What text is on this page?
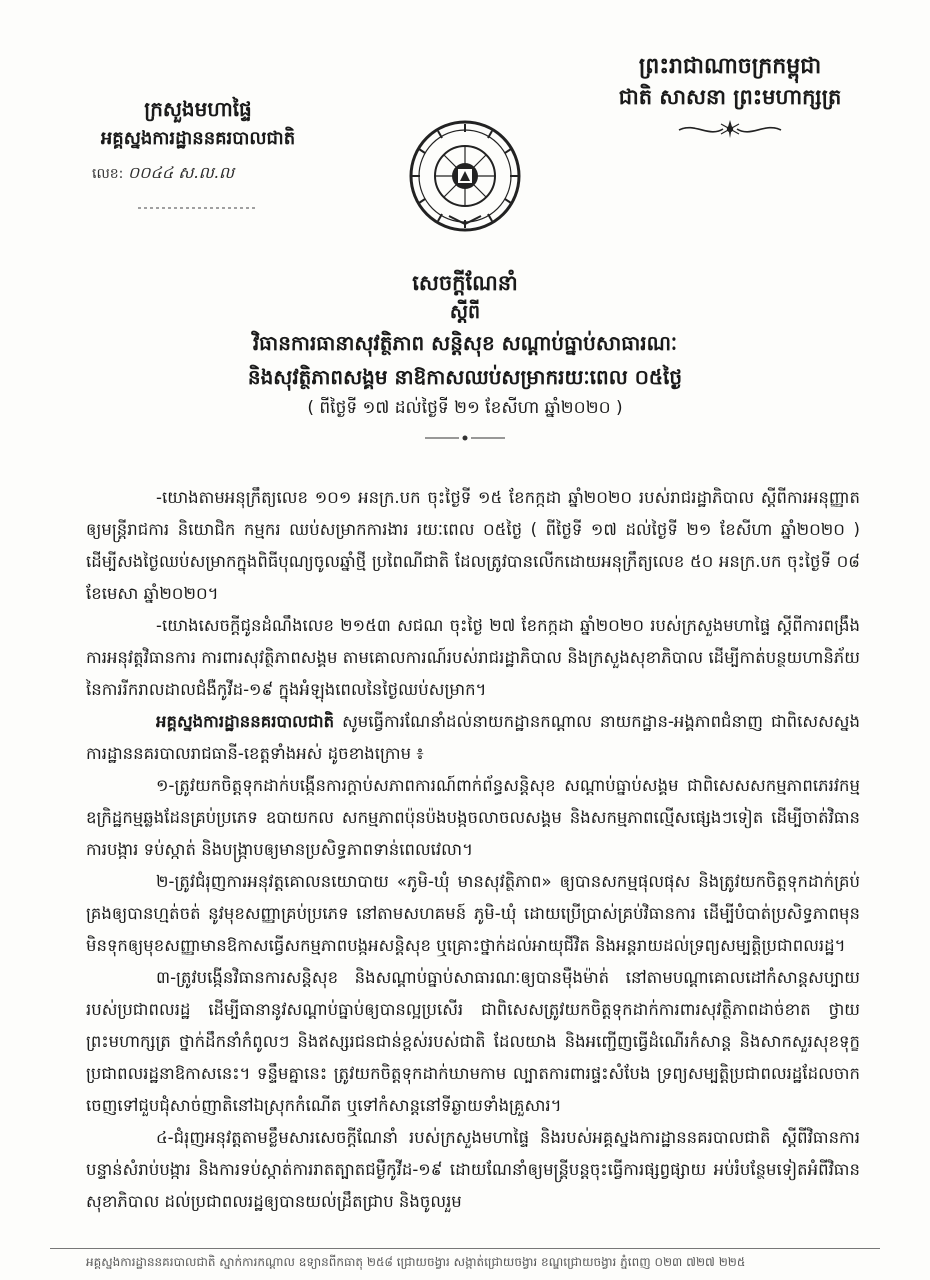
ព្រះរាជាណាចក្រកម្ពុជា
ជាតិ សាសនា ព្រះមហាក្សត្រ
ក្រសួងមហាផ្ទៃ
អគ្គស្នងការដ្ឋាននគរបាលជាតិ
លេខ: ០០៤៤ ស.ល.ល
សេចក្ដីណែនាំ
ស្ដីពី
វិធានការធានាសុវត្ថិភាព សន្តិសុខ សណ្ដាប់ធ្នាប់សាធារណៈ
និងសុវត្ថិភាពសង្គម នាឱកាសឈប់សម្រាករយៈពេល ០៥ថ្ងៃ
( ពីថ្ងៃទី ១៧ ដល់ថ្ងៃទី ២១ ខែសីហា ឆ្នាំ២០២០ )

-យោងតាមអនុក្រឹត្យលេខ ១០១ អនក្រ.បក ចុះថ្ងៃទី ១៥ ខែកក្កដា ឆ្នាំ២០២០ របស់រាជរដ្ឋាភិបាល ស្ដីពីការអនុញ្ញាតឲ្យមន្ត្រីរាជការ និយោជិក កម្មករ ឈប់សម្រាកការងារ រយៈពេល ០៥ថ្ងៃ ( ពីថ្ងៃទី ១៧ ដល់ថ្ងៃទី ២១ ខែសីហា ឆ្នាំ២០២០ ) ដើម្បីសងថ្ងៃឈប់សម្រាកក្នុងពិធីបុណ្យចូលឆ្នាំថ្មី ប្រពៃណីជាតិ ដែលត្រូវបានលើកដោយអនុក្រឹត្យលេខ ៥០ អនក្រ.បក ចុះថ្ងៃទី ០៨ ខែមេសា ឆ្នាំ២០២០។

-យោងសេចក្ដីជូនដំណឹងលេខ ២១៥៣ សជណ ចុះថ្ងៃ ២៧ ខែកក្កដា ឆ្នាំ២០២០ របស់ក្រសួងមហាផ្ទៃ ស្ដីពីការពង្រឹងការអនុវត្តវិធានការ ការពារសុវត្ថិភាពសង្គម តាមគោលការណ៍របស់រាជរដ្ឋាភិបាល និងក្រសួងសុខាភិបាល ដើម្បីកាត់បន្ថយហានិភ័យនៃការរីករាលដាលជំងឺកូវីដ-១៩ ក្នុងអំឡុងពេលនៃថ្ងៃឈប់សម្រាក។

អគ្គស្នងការដ្ឋាននគរបាលជាតិ សូមធ្វើការណែនាំដល់នាយកដ្ឋានកណ្ដាល នាយកដ្ឋាន-អង្គភាពជំនាញ ជាពិសេសស្នងការដ្ឋាននគរបាលរាជធានី-ខេត្តទាំងអស់ ដូចខាងក្រោម ៖

១-ត្រូវយកចិត្តទុកដាក់បង្កើនការក្ដាប់សភាពការណ៍ពាក់ព័ន្ធសន្តិសុខ សណ្ដាប់ធ្នាប់សង្គម ជាពិសេសសកម្មភាពភេរវកម្ម ឧក្រិដ្ឋកម្មឆ្លងដែនគ្រប់ប្រភេទ ឧបាយកល សកម្មភាពប៉ុនប៉ងបង្កចលាចលសង្គម និងសកម្មភាពល្មើសផ្សេងៗទៀត ដើម្បីចាត់វិធានការបង្ការ ទប់ស្កាត់ និងបង្ក្រាបឲ្យមានប្រសិទ្ធភាពទាន់ពេលវេលា។

២-ត្រូវជំរុញការអនុវត្តគោលនយោបាយ «ភូមិ-ឃុំ មានសុវត្ថិភាព» ឲ្យបានសកម្មផុលផុស និងត្រូវយកចិត្តទុកដាក់គ្រប់គ្រងឲ្យបានហ្មត់ចត់ នូវមុខសញ្ញាគ្រប់ប្រភេទ នៅតាមសហគមន៍ ភូមិ-ឃុំ ដោយប្រើប្រាស់គ្រប់វិធានការ ដើម្បីបំបាត់ប្រសិទ្ធភាពមុន មិនទុកឲ្យមុខសញ្ញាមានឱកាសធ្វើសកម្មភាពបង្កអសន្តិសុខ ឬគ្រោះថ្នាក់ដល់អាយុជីវិត និងអន្តរាយដល់ទ្រព្យសម្បត្តិប្រជាពលរដ្ឋ។

៣-ត្រូវបង្កើនវិធានការសន្តិសុខ និងសណ្ដាប់ធ្នាប់សាធារណៈឲ្យបានម៉ឺងម៉ាត់ នៅតាមបណ្ដាគោលដៅកំសាន្តសប្បាយរបស់ប្រជាពលរដ្ឋ ដើម្បីធានានូវសណ្ដាប់ធ្នាប់ឲ្យបានល្អប្រសើរ ជាពិសេសត្រូវយកចិត្តទុកដាក់ការពារសុវត្ថិភាពដាច់ខាត ថ្វាយព្រះមហាក្សត្រ ថ្នាក់ដឹកនាំកំពូលៗ និងឥស្សរជនជាន់ខ្ពស់របស់ជាតិ ដែលយាង និងអញ្ជើញធ្វើដំណើរកំសាន្ត និងសាកសួរសុខទុក្ខប្រជាពលរដ្ឋនាឱកាសនេះ។ ទន្ទឹមគ្នានេះ ត្រូវយកចិត្តទុកដាក់ឃាមកាម ល្បាតការពារផ្ទះសំបែង ទ្រព្យសម្បត្តិប្រជាពលរដ្ឋដែលចាកចេញទៅជួបជុំសាច់ញាតិនៅឯស្រុកកំណើត ឬទៅកំសាន្តនៅទីឆ្ងាយទាំងគ្រួសារ។

៤-ជំរុញអនុវត្តតាមខ្លឹមសារសេចក្ដីណែនាំ របស់ក្រសួងមហាផ្ទៃ និងរបស់អគ្គស្នងការដ្ឋាននគរបាលជាតិ ស្ដីពីវិធានការបន្ទាន់សំរាប់បង្ការ និងការទប់ស្កាត់ការរាតត្បាតជម្ងឺកូវីដ-១៩ ដោយណែនាំឲ្យមន្ត្រីបន្តចុះធ្វើការផ្សព្វផ្សាយ អប់រំបន្ថែមទៀតអំពីវិធានសុខាភិបាល ដល់ប្រជាពលរដ្ឋឲ្យបានយល់ដ្រឹតជ្រាប និងចូលរួម

អគ្គស្នងការដ្ឋាននគរបាលជាតិ ស្នាក់ការកណ្ដាល ឧទ្យានពីកធាតុ ២៥៨ ជ្រោយចង្វារ សង្កាត់ជ្រោយចង្វារ ខណ្ឌជ្រោយចង្វារ ភ្នំពេញ ០២៣ ៧២៧ ២២៥
